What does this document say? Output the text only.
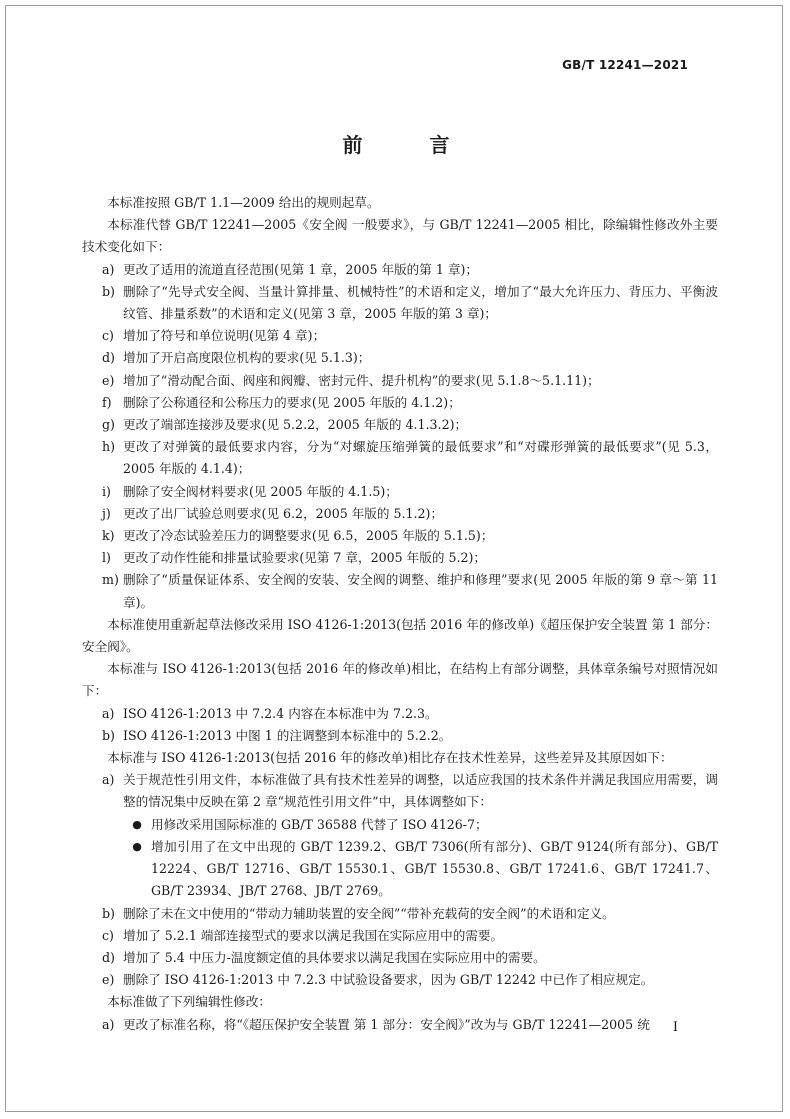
GB/T 12241—2021
前 言
本标准按照 GB/T 1.1—2009 给出的规则起草。
本标准代替 GB/T 12241—2005《安全阀 一般要求》，与 GB/T 12241—2005 相比，除编辑性修改外主要技术变化如下：
a) 更改了适用的流道直径范围(见第 1 章，2005 年版的第 1 章)；
b) 删除了“先导式安全阀、当量计算排量、机械特性”的术语和定义，增加了“最大允许压力、背压力、平衡波纹管、排量系数”的术语和定义(见第 3 章，2005 年版的第 3 章)；
c) 增加了符号和单位说明(见第 4 章)；
d) 增加了开启高度限位机构的要求(见 5.1.3)；
e) 增加了“滑动配合面、阀座和阀瓣、密封元件、提升机构”的要求(见 5.1.8～5.1.11)；
f) 删除了公称通径和公称压力的要求(见 2005 年版的 4.1.2)；
g) 更改了端部连接涉及要求(见 5.2.2，2005 年版的 4.1.3.2)；
h) 更改了对弹簧的最低要求内容，分为“对螺旋压缩弹簧的最低要求”和“对碟形弹簧的最低要求”(见 5.3，2005 年版的 4.1.4)；
i) 删除了安全阀材料要求(见 2005 年版的 4.1.5)；
j) 更改了出厂试验总则要求(见 6.2，2005 年版的 5.1.2)；
k) 更改了冷态试验差压力的调整要求(见 6.5，2005 年版的 5.1.5)；
l) 更改了动作性能和排量试验要求(见第 7 章，2005 年版的 5.2)；
m) 删除了“质量保证体系、安全阀的安装、安全阀的调整、维护和修理”要求(见 2005 年版的第 9 章～第 11 章)。
本标准使用重新起草法修改采用 ISO 4126-1:2013(包括 2016 年的修改单)《超压保护安全装置 第 1 部分：安全阀》。
本标准与 ISO 4126-1:2013(包括 2016 年的修改单)相比，在结构上有部分调整，具体章条编号对照情况如下：
a) ISO 4126-1:2013 中 7.2.4 内容在本标准中为 7.2.3。
b) ISO 4126-1:2013 中图 1 的注调整到本标准中的 5.2.2。
本标准与 ISO 4126-1:2013(包括 2016 年的修改单)相比存在技术性差异，这些差异及其原因如下：
a) 关于规范性引用文件，本标准做了具有技术性差异的调整，以适应我国的技术条件并满足我国应用需要，调整的情况集中反映在第 2 章“规范性引用文件”中，具体调整如下：
● 用修改采用国际标准的 GB/T 36588 代替了 ISO 4126-7；
● 增加引用了在文中出现的 GB/T 1239.2、GB/T 7306(所有部分)、GB/T 9124(所有部分)、GB/T 12224、GB/T 12716、GB/T 15530.1、GB/T 15530.8、GB/T 17241.6、GB/T 17241.7、GB/T 23934、JB/T 2768、JB/T 2769。
b) 删除了未在文中使用的“带动力辅助装置的安全阀”“带补充载荷的安全阀”的术语和定义。
c) 增加了 5.2.1 端部连接型式的要求以满足我国在实际应用中的需要。
d) 增加了 5.4 中压力-温度额定值的具体要求以满足我国在实际应用中的需要。
e) 删除了 ISO 4126-1:2013 中 7.2.3 中试验设备要求，因为 GB/T 12242 中已作了相应规定。
本标准做了下列编辑性修改：
a) 更改了标准名称，将“《超压保护安全装置 第 1 部分：安全阀》”改为与 GB/T 12241—2005 统	I
